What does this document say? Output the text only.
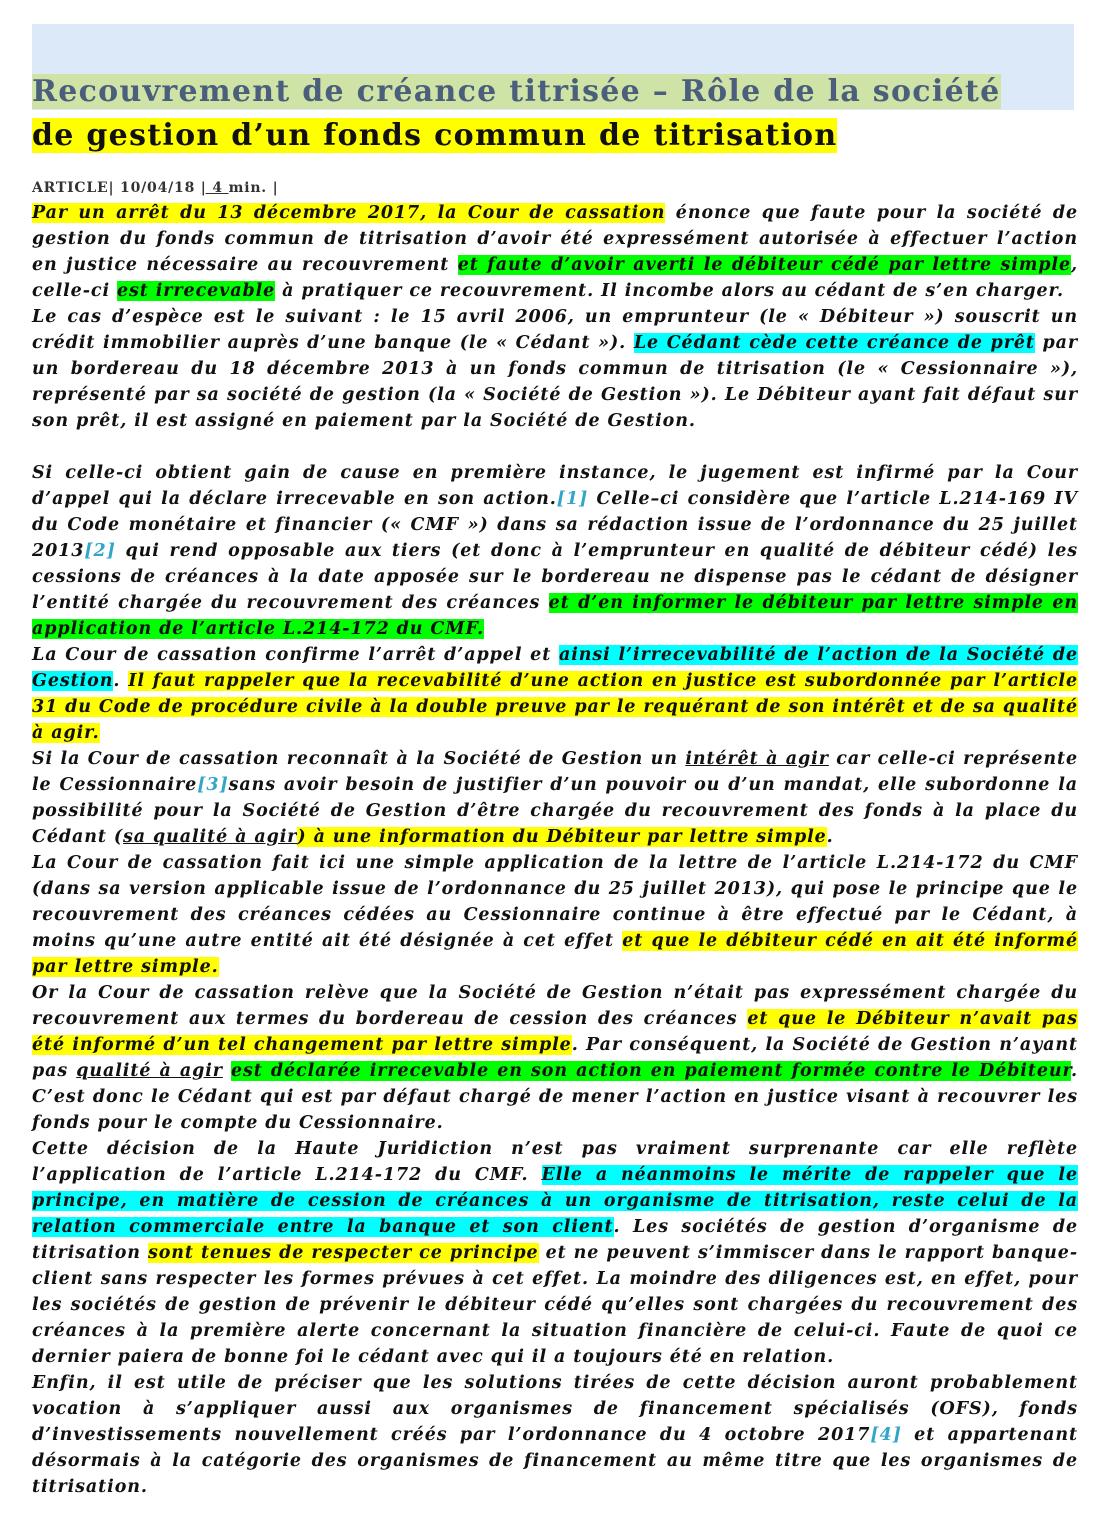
Recouvrement de créance titrisée – Rôle de la société
de gestion d’un fonds commun de titrisation
ARTICLE| 10/04/18 | 4 min. |

Par un arrêt du 13 décembre 2017, la Cour de cassation énonce que faute pour la société de gestion du fonds commun de titrisation d’avoir été expressément autorisée à effectuer l’action en justice nécessaire au recouvrement et faute d’avoir averti le débiteur cédé par lettre simple, celle-ci est irrecevable à pratiquer ce recouvrement. Il incombe alors au cédant de s’en charger.

Le cas d’espèce est le suivant : le 15 avril 2006, un emprunteur (le « Débiteur ») souscrit un crédit immobilier auprès d’une banque (le « Cédant »). Le Cédant cède cette créance de prêt par un bordereau du 18 décembre 2013 à un fonds commun de titrisation (le « Cessionnaire »), représenté par sa société de gestion (la « Société de Gestion »). Le Débiteur ayant fait défaut sur son prêt, il est assigné en paiement par la Société de Gestion.

Si celle-ci obtient gain de cause en première instance, le jugement est infirmé par la Cour d’appel qui la déclare irrecevable en son action.[1] Celle–ci considère que l’article L.214-169 IV du Code monétaire et financier (« CMF ») dans sa rédaction issue de l’ordonnance du 25 juillet 2013[2] qui rend opposable aux tiers (et donc à l’emprunteur en qualité de débiteur cédé) les cessions de créances à la date apposée sur le bordereau ne dispense pas le cédant de désigner l’entité chargée du recouvrement des créances et d’en informer le débiteur par lettre simple en application de l’article L.214-172 du CMF.

La Cour de cassation confirme l’arrêt d’appel et ainsi l’irrecevabilité de l’action de la Société de Gestion. Il faut rappeler que la recevabilité d’une action en justice est subordonnée par l’article 31 du Code de procédure civile à la double preuve par le requérant de son intérêt et de sa qualité à agir.

Si la Cour de cassation reconnaît à la Société de Gestion un intérêt à agir car celle-ci représente le Cessionnaire[3]sans avoir besoin de justifier d’un pouvoir ou d’un mandat, elle subordonne la possibilité pour la Société de Gestion d’être chargée du recouvrement des fonds à la place du Cédant (sa qualité à agir) à une information du Débiteur par lettre simple.

La Cour de cassation fait ici une simple application de la lettre de l’article L.214-172 du CMF (dans sa version applicable issue de l’ordonnance du 25 juillet 2013), qui pose le principe que le recouvrement des créances cédées au Cessionnaire continue à être effectué par le Cédant, à moins qu’une autre entité ait été désignée à cet effet et que le débiteur cédé en ait été informé par lettre simple.

Or la Cour de cassation relève que la Société de Gestion n’était pas expressément chargée du recouvrement aux termes du bordereau de cession des créances et que le Débiteur n’avait pas été informé d’un tel changement par lettre simple. Par conséquent, la Société de Gestion n’ayant pas qualité à agir est déclarée irrecevable en son action en paiement formée contre le Débiteur. C’est donc le Cédant qui est par défaut chargé de mener l’action en justice visant à recouvrer les fonds pour le compte du Cessionnaire.

Cette décision de la Haute Juridiction n’est pas vraiment surprenante car elle reflète l’application de l’article L.214-172 du CMF. Elle a néanmoins le mérite de rappeler que le principe, en matière de cession de créances à un organisme de titrisation, reste celui de la relation commerciale entre la banque et son client. Les sociétés de gestion d’organisme de titrisation sont tenues de respecter ce principe et ne peuvent s’immiscer dans le rapport banque-client sans respecter les formes prévues à cet effet. La moindre des diligences est, en effet, pour les sociétés de gestion de prévenir le débiteur cédé qu’elles sont chargées du recouvrement des créances à la première alerte concernant la situation financière de celui-ci. Faute de quoi ce dernier paiera de bonne foi le cédant avec qui il a toujours été en relation.

Enfin, il est utile de préciser que les solutions tirées de cette décision auront probablement vocation à s’appliquer aussi aux organismes de financement spécialisés (OFS), fonds d’investissements nouvellement créés par l’ordonnance du 4 octobre 2017[4] et appartenant désormais à la catégorie des organismes de financement au même titre que les organismes de titrisation.
